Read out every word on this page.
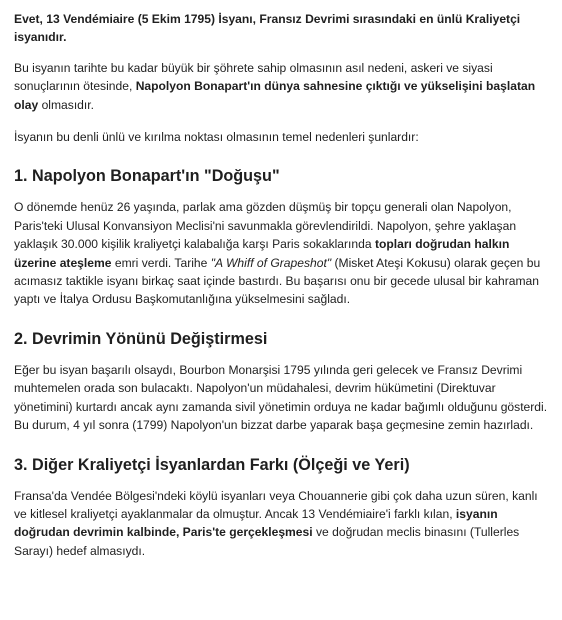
Evet, 13 Vendémiaire (5 Ekim 1795) İsyanı, Fransız Devrimi sırasındaki en ünlü Kraliyetçi isyanıdır.

Bu isyanın tarihte bu kadar büyük bir şöhrete sahip olmasının asıl nedeni, askeri ve siyasi sonuçlarının ötesinde, Napolyon Bonapart'ın dünya sahnesine çıktığı ve yükselişini başlatan olay olmasıdır.

İsyanın bu denli ünlü ve kırılma noktası olmasının temel nedenleri şunlardır:

1. Napolyon Bonapart'ın "Doğuşu"

O dönemde henüz 26 yaşında, parlak ama gözden düşmüş bir topçu generali olan Napolyon, Paris'teki Ulusal Konvansiyon Meclisi'ni savunmakla görevlendirildi. Napolyon, şehre yaklaşan yaklaşık 30.000 kişilik kraliyetçi kalabalığa karşı Paris sokaklarında topları doğrudan halkın üzerine ateşleme emri verdi. Tarihe "A Whiff of Grapeshot" (Misket Ateşi Kokusu) olarak geçen bu acımasız taktikle isyanı birkaç saat içinde bastırdı. Bu başarısı onu bir gecede ulusal bir kahraman yaptı ve İtalya Ordusu Başkomutanlığına yükselmesini sağladı.

2. Devrimin Yönünü Değiştirmesi

Eğer bu isyan başarılı olsaydı, Bourbon Monarşisi 1795 yılında geri gelecek ve Fransız Devrimi muhtemelen orada son bulacaktı. Napolyon'un müdahalesi, devrim hükümetini (Direktuvar yönetimini) kurtardı ancak aynı zamanda sivil yönetimin orduya ne kadar bağımlı olduğunu gösterdi. Bu durum, 4 yıl sonra (1799) Napolyon'un bizzat darbe yaparak başa geçmesine zemin hazırladı.

3. Diğer Kraliyetçi İsyanlardan Farkı (Ölçeği ve Yeri)

Fransa'da Vendée Bölgesi'ndeki köylü isyanları veya Chouannerie gibi çok daha uzun süren, kanlı ve kitlesel kraliyetçi ayaklanmalar da olmuştur. Ancak 13 Vendémiaire'i farklı kılan, isyanın doğrudan devrimin kalbinde, Paris'te gerçekleşmesi ve doğrudan meclis binasını (Tullerles Sarayı) hedef almasıydı.
